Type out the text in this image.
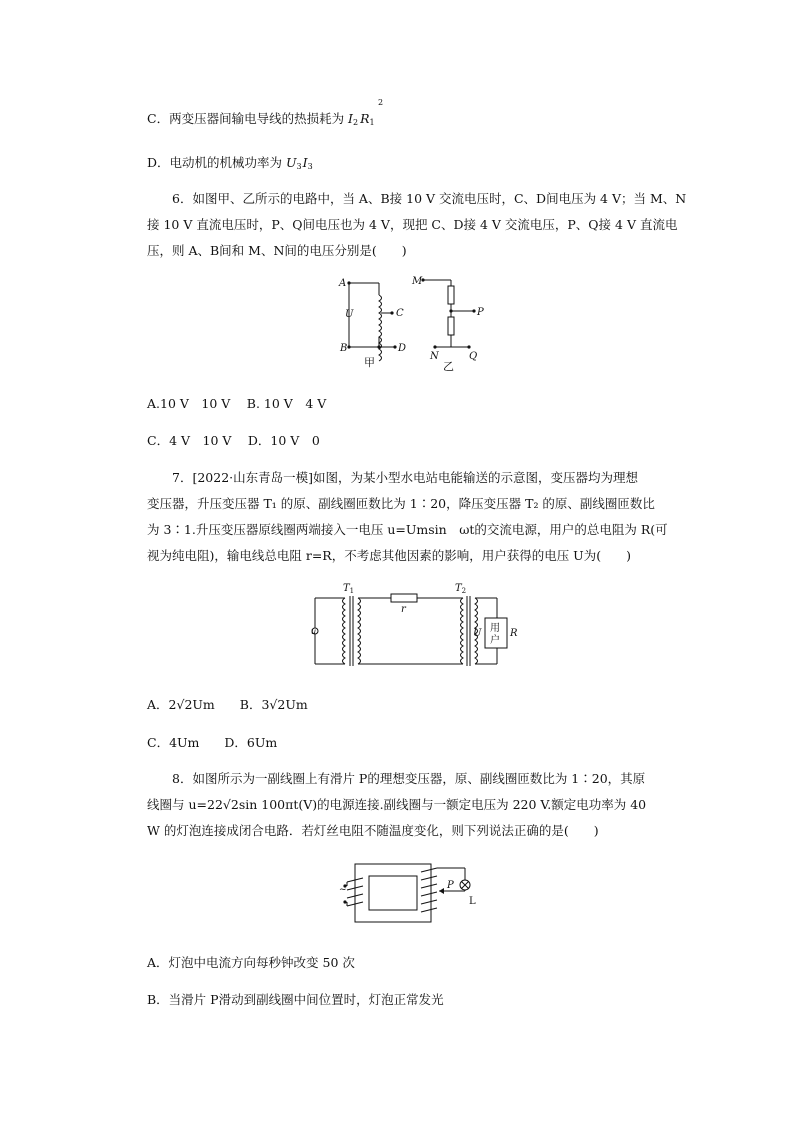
C．两变压器间输电导线的热损耗为 $I_2$ $R_1$
2
D．电动机的机械功率为 $U_3I_3$
6．如图甲、乙所示的电路中，当 A、B接 10 V 交流电压时，C、D间电压为 4 V；当 M、N
接 10 V 直流电压时，P、Q间电压也为 4 V，现把 C、D接 4 V 交流电压，P、Q接 4 V 直流电
压，则 A、B间和 M、N间的电压分别是(　　)
A
U
B
C
D
M
P
N	Q
甲	乙
A.10 V　10 V　 B. 10 V　4 V
C．4 V　10 V　 D．10 V　0
7．[2022·山东青岛一模]如图，为某小型水电站电能输送的示意图，变压器均为理想
变压器，升压变压器 T₁ 的原、副线圈匝数比为 1∶20，降压变压器 T₂ 的原、副线圈匝数比
为 3∶1.升压变压器原线圈两端接入一电压 u=Umsin　ωt的交流电源，用户的总电阻为 R(可
视为纯电阻)，输电线总电阻 r=R，不考虑其他因素的影响，用户获得的电压 U为(　　)
$T_1$	$T_2$
r
u	U	R
用
户
A．2√2Um　　B．3√2Um
C．4Um　　D．6Um
8．如图所示为一副线圈上有滑片 P的理想变压器，原、副线圈匝数比为 1∶20，其原
线圈与 u=22√2sin 100πt(V)的电源连接.副线圈与一额定电压为 220 V.额定电功率为 40
W 的灯泡连接成闭合电路．若灯丝电阻不随温度变化，则下列说法正确的是(　　)
~	P
L
A．灯泡中电流方向每秒钟改变 50 次
B．当滑片 P滑动到副线圈中间位置时，灯泡正常发光
